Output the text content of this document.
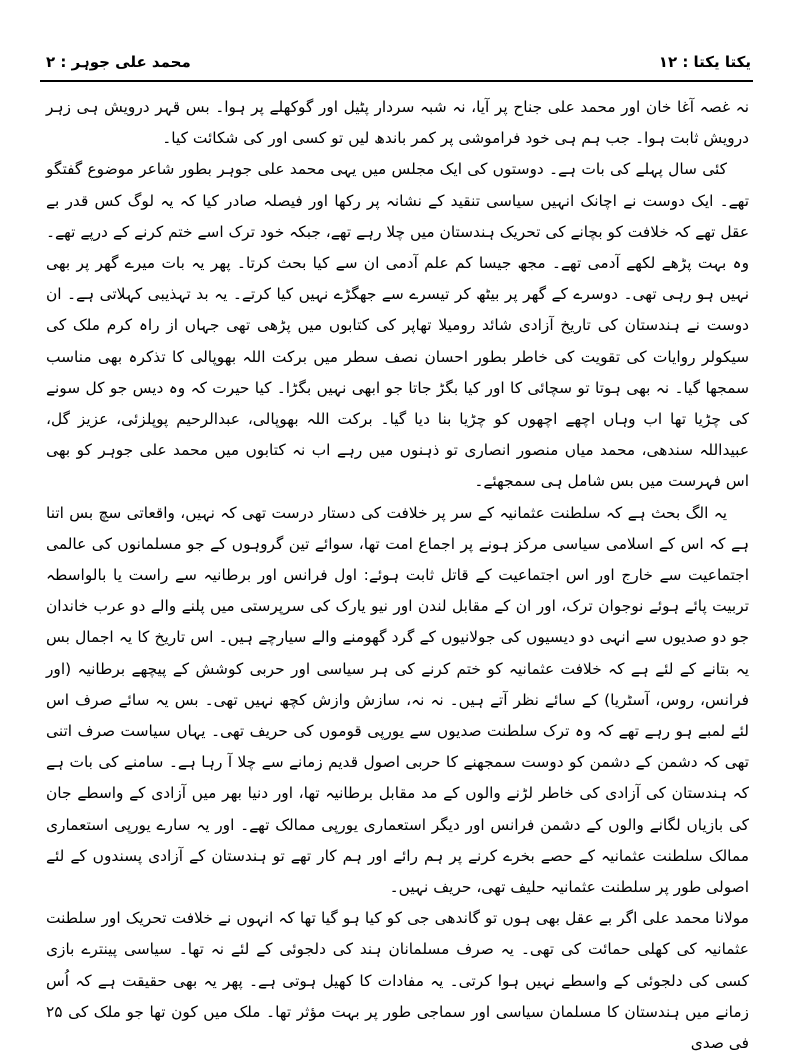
محمد علی جوہر : ۲	یکتا یکتا : ۱۲

نہ غصہ آغا خان اور محمد علی جناح پر آیا، نہ شبہ سردار پٹیل اور گوکھلے پر ہوا۔ بس قہر درویش ہی زہر درویش ثابت ہوا۔ جب ہم ہی خود فراموشی پر کمر باندھ لیں تو کسی اور کی شکائت کیا۔

کئی سال پہلے کی بات ہے۔ دوستوں کی ایک مجلس میں یہی محمد علی جوہر بطور شاعر موضوع گفتگو تھے۔ ایک دوست نے اچانک انہیں سیاسی تنقید کے نشانہ پر رکھا اور فیصلہ صادر کیا کہ یہ لوگ کس قدر بے عقل تھے کہ خلافت کو بچانے کی تحریک ہندستان میں چلا رہے تھے، جبکہ خود ترک اسے ختم کرنے کے درپے تھے۔ وہ بہت پڑھے لکھے آدمی تھے۔ مجھ جیسا کم علم آدمی ان سے کیا بحث کرتا۔ پھر یہ بات میرے گھر پر بھی نہیں ہو رہی تھی۔ دوسرے کے گھر پر بیٹھ کر تیسرے سے جھگڑے نہیں کیا کرتے۔ یہ بد تہذیبی کہلاتی ہے۔ ان دوست نے ہندستان کی تاریخ آزادی شائد رومیلا تھاپر کی کتابوں میں پڑھی تھی جہاں از راہ کرم ملک کی سیکولر روایات کی تقویت کی خاطر بطور احسان نصف سطر میں برکت اللہ بھوپالی کا تذکرہ بھی مناسب سمجھا گیا۔ نہ بھی ہوتا تو سچائی کا اور کیا بگڑ جاتا جو ابھی نہیں بگڑا۔ کیا حیرت کہ وہ دیس جو کل سونے کی چڑیا تھا اب وہاں اچھے اچھوں کو چڑیا بنا دیا گیا۔ برکت اللہ بھوپالی، عبدالرحیم پوپلزئی، عزیز گل، عبیداللہ سندھی، محمد میاں منصور انصاری تو ذہنوں میں رہے اب نہ کتابوں میں محمد علی جوہر کو بھی اس فہرست میں بس شامل ہی سمجھئے۔

یہ الگ بحث ہے کہ سلطنت عثمانیہ کے سر پر خلافت کی دستار درست تھی کہ نہیں، واقعاتی سچ بس اتنا ہے کہ اس کے اسلامی سیاسی مرکز ہونے پر اجماع امت تھا، سوائے تین گروہوں کے جو مسلمانوں کی عالمی اجتماعیت سے خارج اور اس اجتماعیت کے قاتل ثابت ہوئے: اول فرانس اور برطانیہ سے راست یا بالواسطہ تربیت پائے ہوئے نوجوان ترک، اور ان کے مقابل لندن اور نیو یارک کی سرپرستی میں پلنے والے دو عرب خاندان جو دو صدیوں سے انہی دو دیسیوں کی جولانیوں کے گرد گھومنے والے سیارچے ہیں۔ اس تاریخ کا یہ اجمال بس یہ بتانے کے لئے ہے کہ خلافت عثمانیہ کو ختم کرنے کی ہر سیاسی اور حربی کوشش کے پیچھے برطانیہ (اور فرانس، روس، آسٹریا) کے سائے نظر آتے ہیں۔ نہ نہ، سازش وازش کچھ نہیں تھی۔ بس یہ سائے صرف اس لئے لمبے ہو رہے تھے کہ وہ ترک سلطنت صدیوں سے یورپی قوموں کی حریف تھی۔ یہاں سیاست صرف اتنی تھی کہ دشمن کے دشمن کو دوست سمجھنے کا حربی اصول قدیم زمانے سے چلا آ رہا ہے۔ سامنے کی بات ہے کہ ہندستان کی آزادی کی خاطر لڑنے والوں کے مد مقابل برطانیہ تھا، اور دنیا بھر میں آزادی کے واسطے جان کی بازیاں لگانے والوں کے دشمن فرانس اور دیگر استعماری یورپی ممالک تھے۔ اور یہ سارے یورپی استعماری ممالک سلطنت عثمانیہ کے حصے بخرے کرنے پر ہم رائے اور ہم کار تھے تو ہندستان کے آزادی پسندوں کے لئے اصولی طور پر سلطنت عثمانیہ حلیف تھی، حریف نہیں۔

مولانا محمد علی اگر بے عقل بھی ہوں تو گاندھی جی کو کیا ہو گیا تھا کہ انہوں نے خلافت تحریک اور سلطنت عثمانیہ کی کھلی حمائت کی تھی۔ یہ صرف مسلمانان ہند کی دلجوئی کے لئے نہ تھا۔ سیاسی پینترے بازی کسی کی دلجوئی کے واسطے نہیں ہوا کرتی۔ یہ مفادات کا کھیل ہوتی ہے۔ پھر یہ بھی حقیقت ہے کہ اُس زمانے میں ہندستان کا مسلمان سیاسی اور سماجی طور پر بہت مؤثر تھا۔ ملک میں کون تھا جو ملک کی ۲۵ فی صدی
